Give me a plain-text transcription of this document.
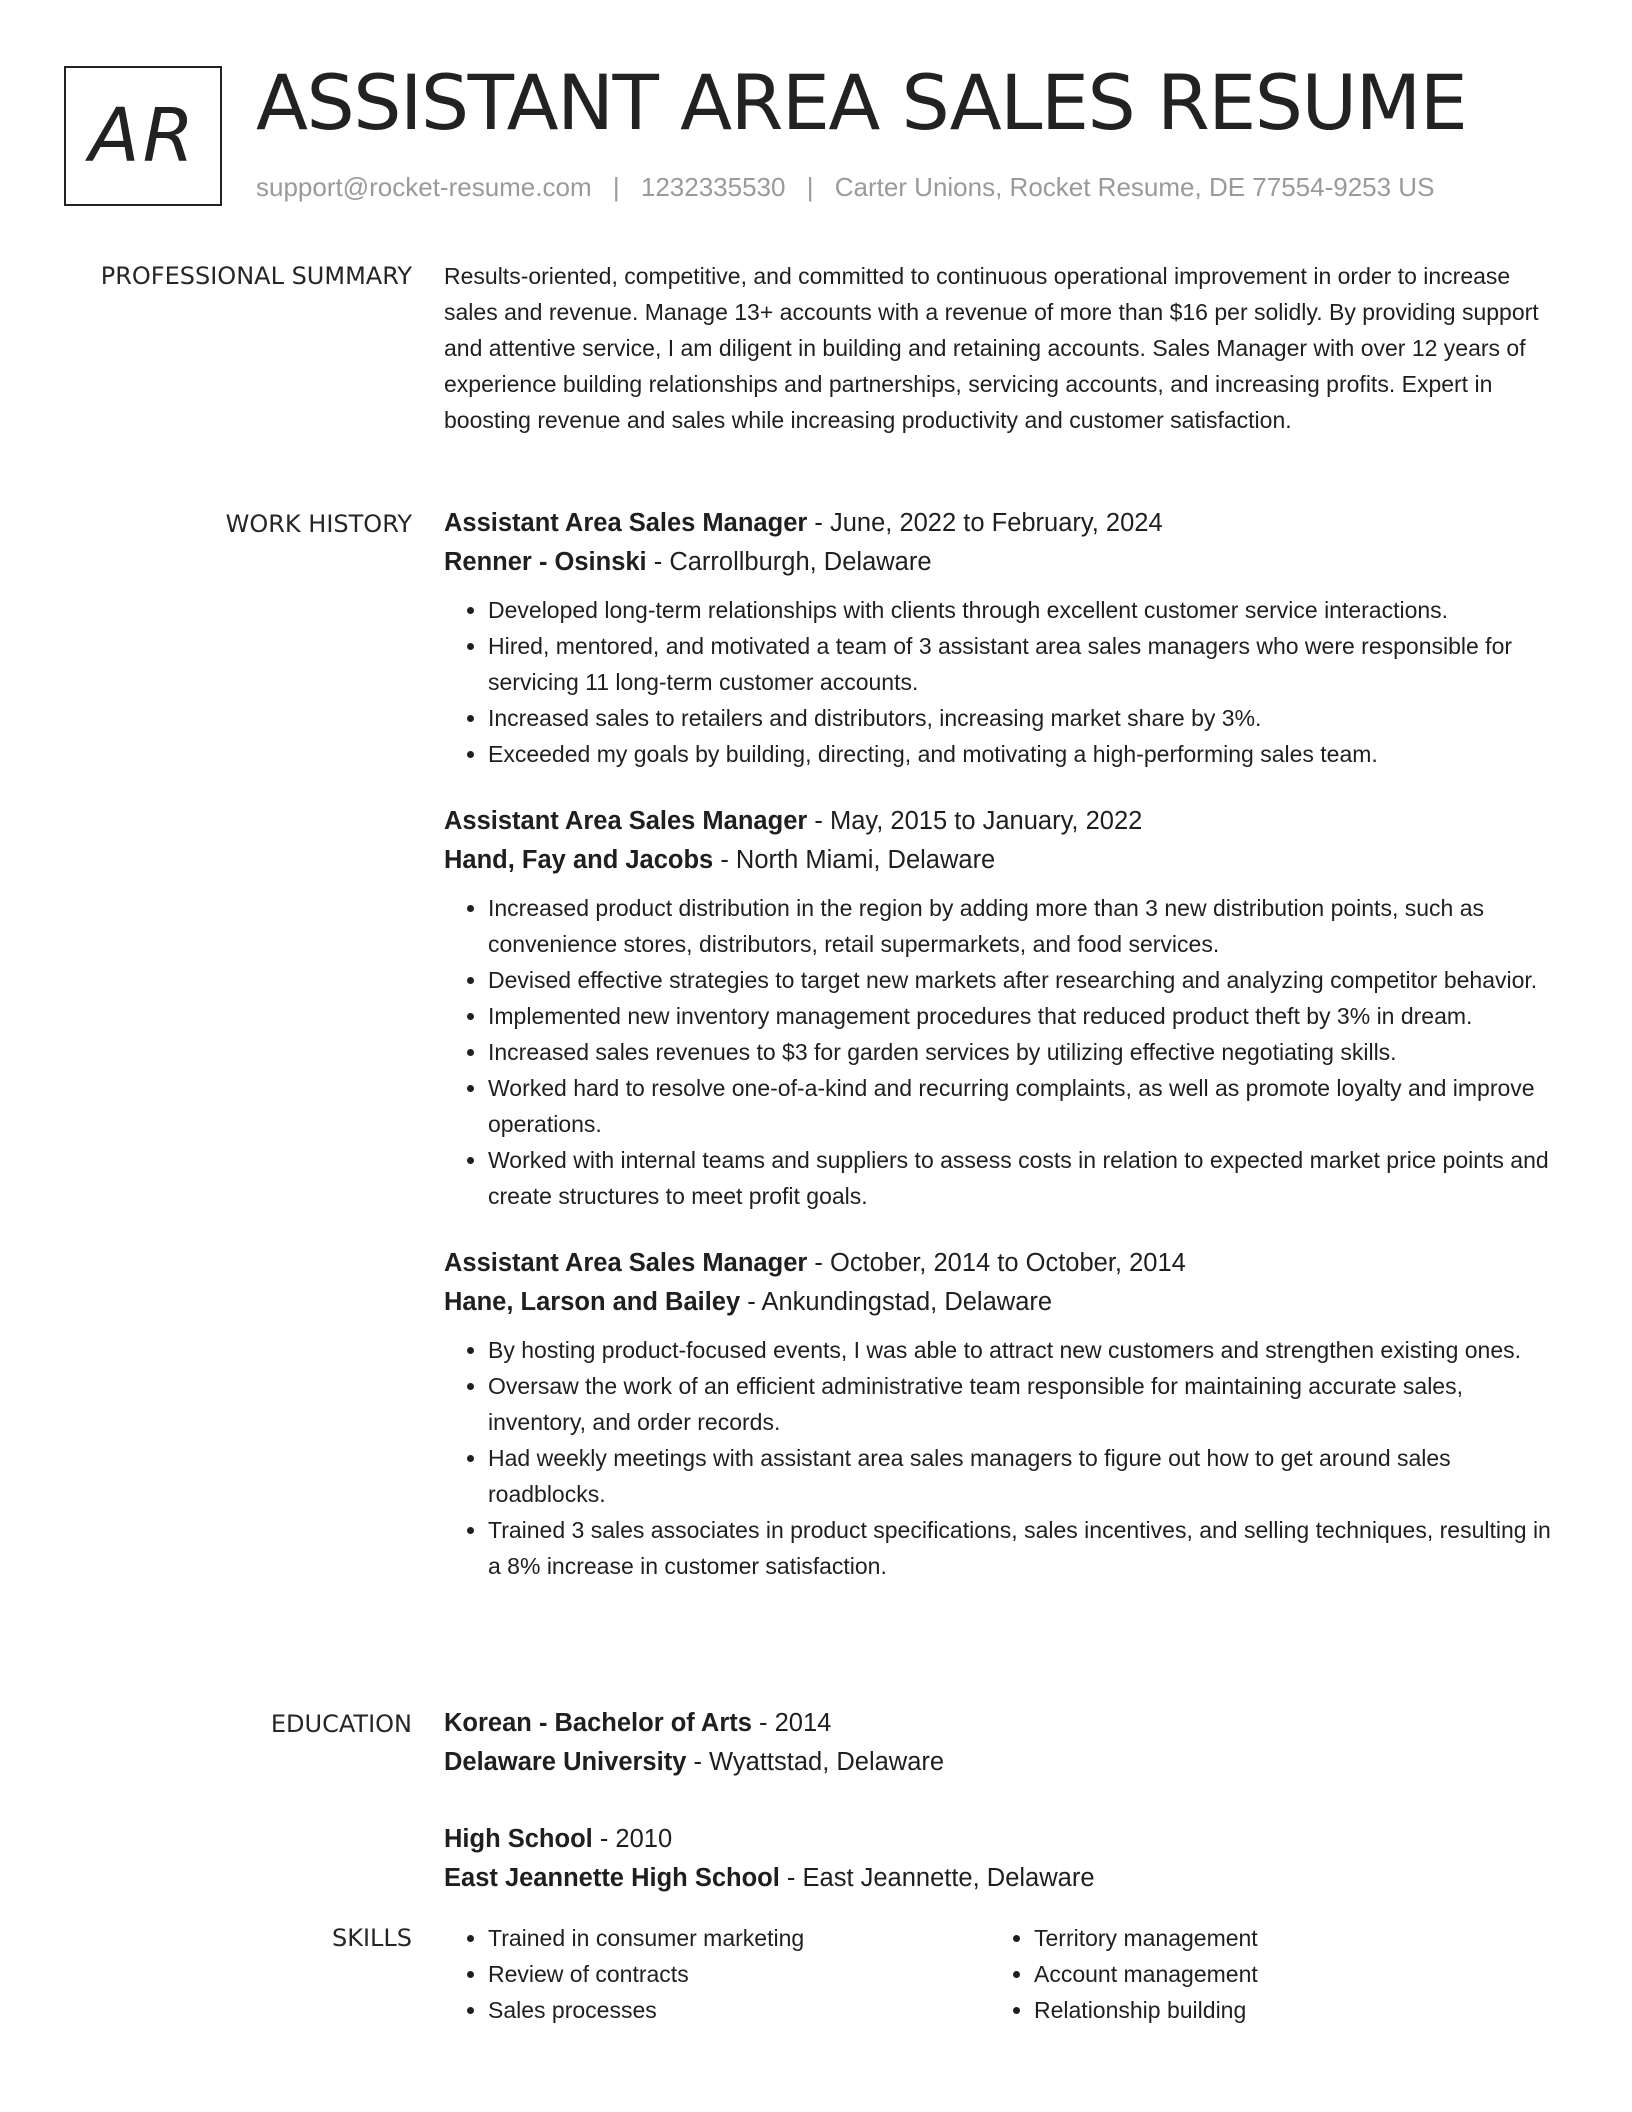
AR ASSISTANT AREA SALES RESUME
support@rocket-resume.com | 1232335530 | Carter Unions, Rocket Resume, DE 77554-9253 US
PROFESSIONAL SUMMARY Results-oriented, competitive, and committed to continuous operational improvement in order to increase sales and revenue. Manage 13+ accounts with a revenue of more than $16 per solidly. By providing support and attentive service, I am diligent in building and retaining accounts. Sales Manager with over 12 years of experience building relationships and partnerships, servicing accounts, and increasing profits. Expert in boosting revenue and sales while increasing productivity and customer satisfaction.

WORK HISTORY Assistant Area Sales Manager - June, 2022 to February, 2024
Renner - Osinski - Carrollburgh, Delaware
• Developed long-term relationships with clients through excellent customer service interactions.
• Hired, mentored, and motivated a team of 3 assistant area sales managers who were responsible for servicing 11 long-term customer accounts.
• Increased sales to retailers and distributors, increasing market share by 3%.
• Exceeded my goals by building, directing, and motivating a high-performing sales team.
Assistant Area Sales Manager - May, 2015 to January, 2022
Hand, Fay and Jacobs - North Miami, Delaware
• Increased product distribution in the region by adding more than 3 new distribution points, such as convenience stores, distributors, retail supermarkets, and food services.
• Devised effective strategies to target new markets after researching and analyzing competitor behavior.
• Implemented new inventory management procedures that reduced product theft by 3% in dream.
• Increased sales revenues to $3 for garden services by utilizing effective negotiating skills.
• Worked hard to resolve one-of-a-kind and recurring complaints, as well as promote loyalty and improve operations.
• Worked with internal teams and suppliers to assess costs in relation to expected market price points and create structures to meet profit goals.
Assistant Area Sales Manager - October, 2014 to October, 2014
Hane, Larson and Bailey - Ankundingstad, Delaware
• By hosting product-focused events, I was able to attract new customers and strengthen existing ones.
• Oversaw the work of an efficient administrative team responsible for maintaining accurate sales, inventory, and order records.
• Had weekly meetings with assistant area sales managers to figure out how to get around sales roadblocks.
• Trained 3 sales associates in product specifications, sales incentives, and selling techniques, resulting in a 8% increase in customer satisfaction.
EDUCATION Korean - Bachelor of Arts - 2014
Delaware University - Wyattstad, Delaware
High School - 2010
East Jeannette High School - East Jeannette, Delaware
SKILLS
•	Trained in consumer marketing
• Review of contracts
• Sales processes
• Territory management
• Account management
• Relationship building
